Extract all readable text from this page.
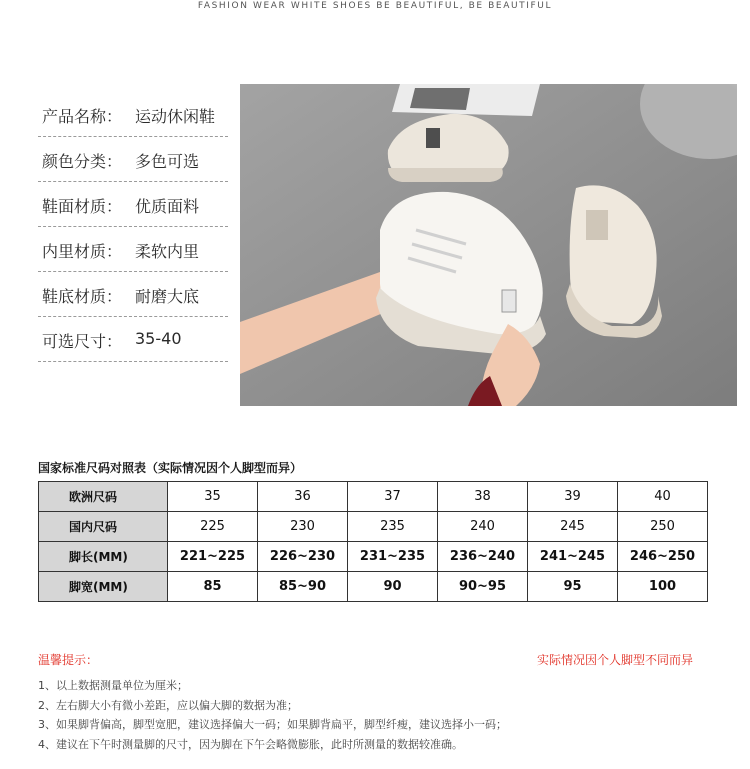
FASHION WEAR WHITE SHOES BE BEAUTIFUL, BE BEAUTIFUL
产品名称： 运动休闲鞋
颜色分类： 多色可选
鞋面材质： 优质面料
内里材质： 柔软内里
鞋底材质： 耐磨大底
可选尺寸： 35-40
国家标准尺码对照表（实际情况因个人脚型而异）
欧洲尺码	35	36	37	38	39	40
国内尺码	225	230	235	240	245	250
脚长(MM)	221~225	226~230	231~235	236~240	241~245	246~250
脚宽(MM)	85	85~90	90	90~95	95	100
温馨提示：	实际情况因个人脚型不同而异
1、以上数据测量单位为厘米；
2、左右脚大小有微小差距，应以偏大脚的数据为准；
3、如果脚背偏高，脚型宽肥，建议选择偏大一码；如果脚背扁平，脚型纤瘦，建议选择小一码；
4、建议在下午时测量脚的尺寸，因为脚在下午会略微膨胀，此时所测量的数据较准确。
